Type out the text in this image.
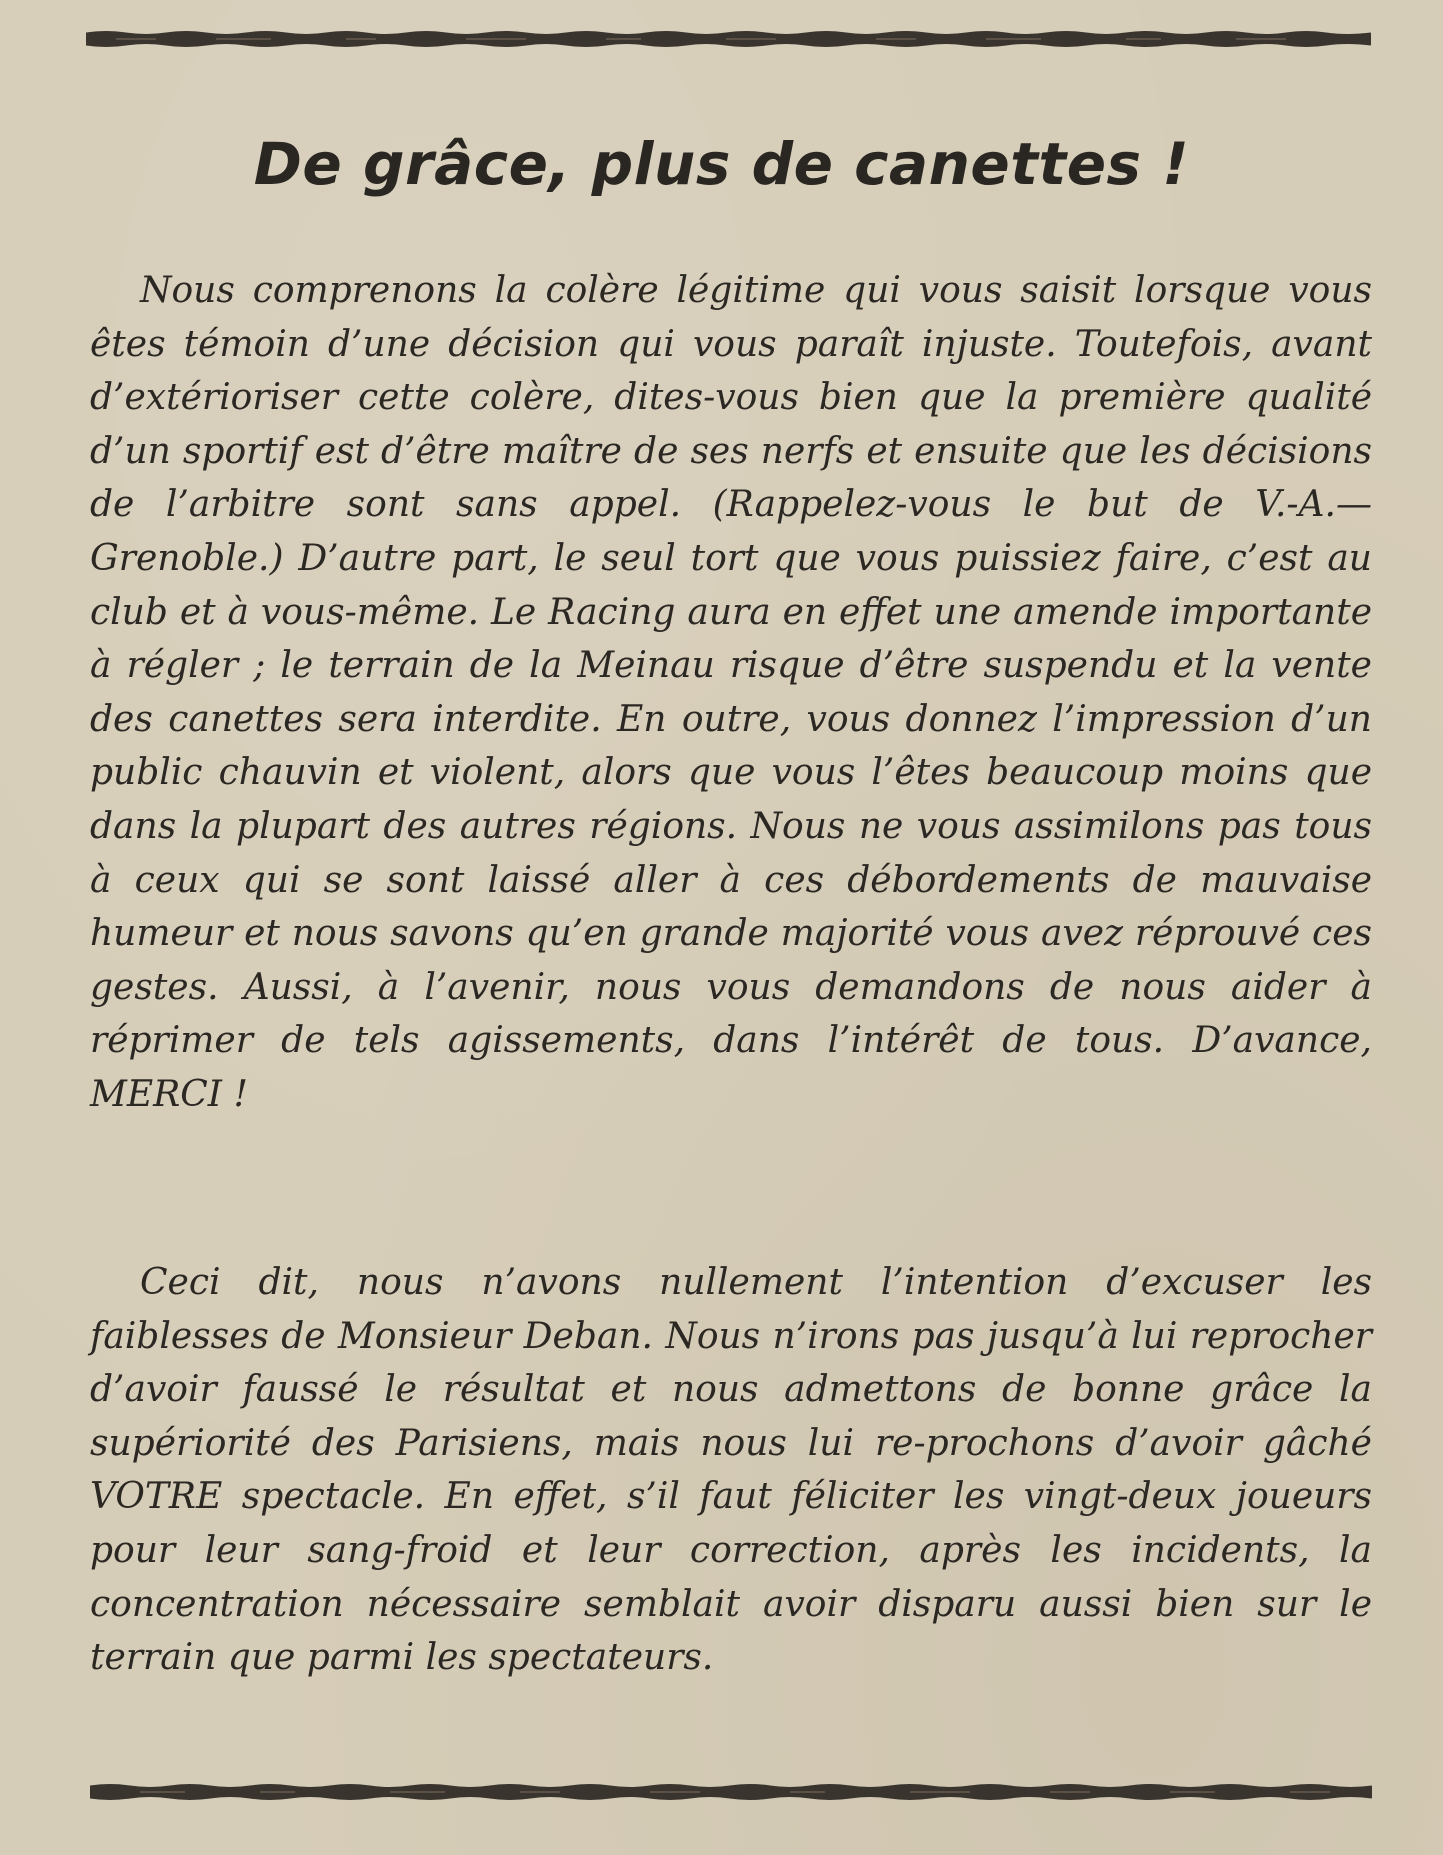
De grâce, plus de canettes !

Nous comprenons la colère légitime qui vous saisit lorsque vous êtes témoin d’une décision qui vous paraît injuste. Toutefois, avant d’extérioriser cette colère, dites-vous bien que la première qualité d’un sportif est d’être maître de ses nerfs et ensuite que les décisions de l’arbitre sont sans appel. (Rappelez-vous le but de V.-A.—Grenoble.) D’autre part, le seul tort que vous puissiez faire, c’est au club et à vous-même. Le Racing aura en effet une amende importante à régler ; le terrain de la Meinau risque d’être suspendu et la vente des canettes sera interdite. En outre, vous donnez l’impression d’un public chauvin et violent, alors que vous l’êtes beaucoup moins que dans la plupart des autres régions. Nous ne vous assimilons pas tous à ceux qui se sont laissé aller à ces débordements de mauvaise humeur et nous savons qu’en grande majorité vous avez réprouvé ces gestes. Aussi, à l’avenir, nous vous demandons de nous aider à réprimer de tels agissements, dans l’intérêt de tous. D’avance, MERCI !

Ceci dit, nous n’avons nullement l’intention d’excuser les faiblesses de Monsieur Deban. Nous n’irons pas jusqu’à lui reprocher d’avoir faussé le résultat et nous admettons de bonne grâce la supériorité des Parisiens, mais nous lui re-prochons d’avoir gâché VOTRE spectacle. En effet, s’il faut féliciter les vingt-deux joueurs pour leur sang-froid et leur correction, après les incidents, la concentration nécessaire semblait avoir disparu aussi bien sur le terrain que parmi les spectateurs.
